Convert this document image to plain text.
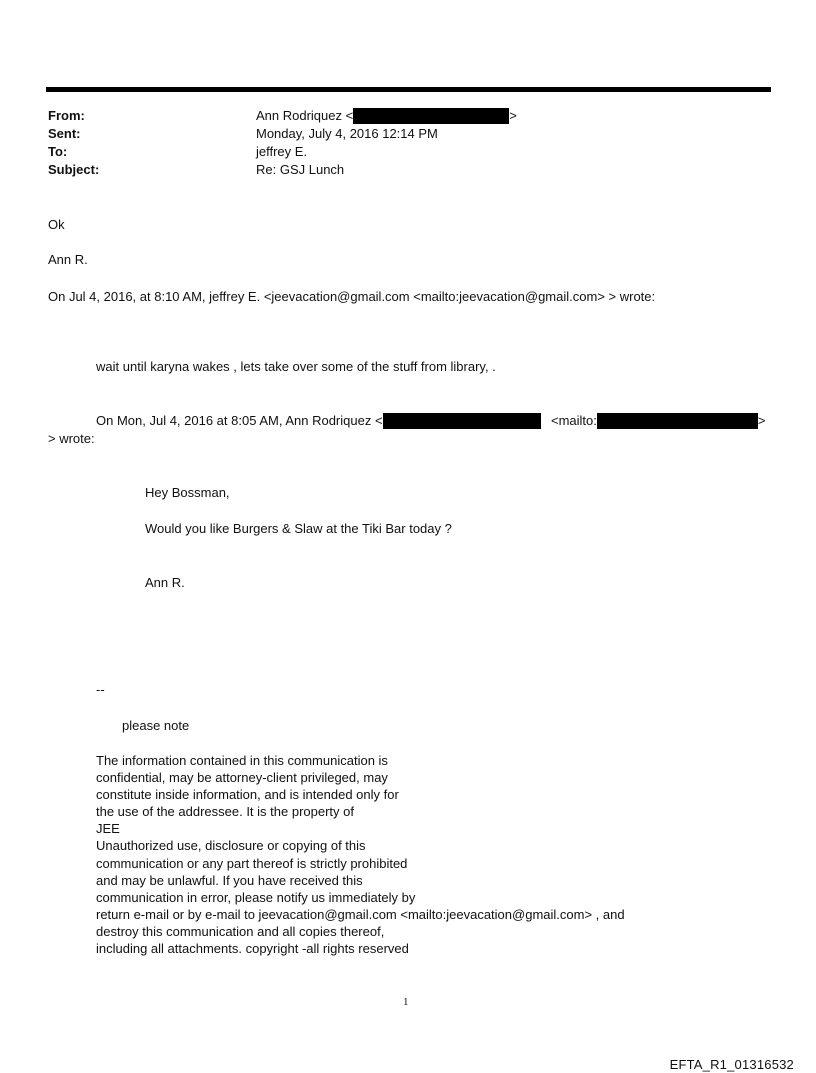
From:	Ann Rodriquez <	>
Sent:	Monday, July 4, 2016 12:14 PM
To:	jeffrey E.
Subject:	Re: GSJ Lunch
Ok
Ann R.
On Jul 4, 2016, at 8:10 AM, jeffrey E. <jeevacation@gmail.com <mailto:jeevacation@gmail.com> > wrote:
wait until karyna wakes , lets take over some of the stuff from library, .
On Mon, Jul 4, 2016 at 8:05 AM, Ann Rodriquez <	<mailto:	>
> wrote:
Hey Bossman,
Would you like Burgers & Slaw at the Tiki Bar today ?
Ann R.
--
please note
The information contained in this communication is
confidential, may be attorney-client privileged, may
constitute inside information, and is intended only for
the use of the addressee. It is the property of
JEE
Unauthorized use, disclosure or copying of this
communication or any part thereof is strictly prohibited
and may be unlawful. If you have received this
communication in error, please notify us immediately by
return e-mail or by e-mail to jeevacation@gmail.com <mailto:jeevacation@gmail.com> , and
destroy this communication and all copies thereof,
including all attachments. copyright -all rights reserved
1
EFTA_R1_01316532
